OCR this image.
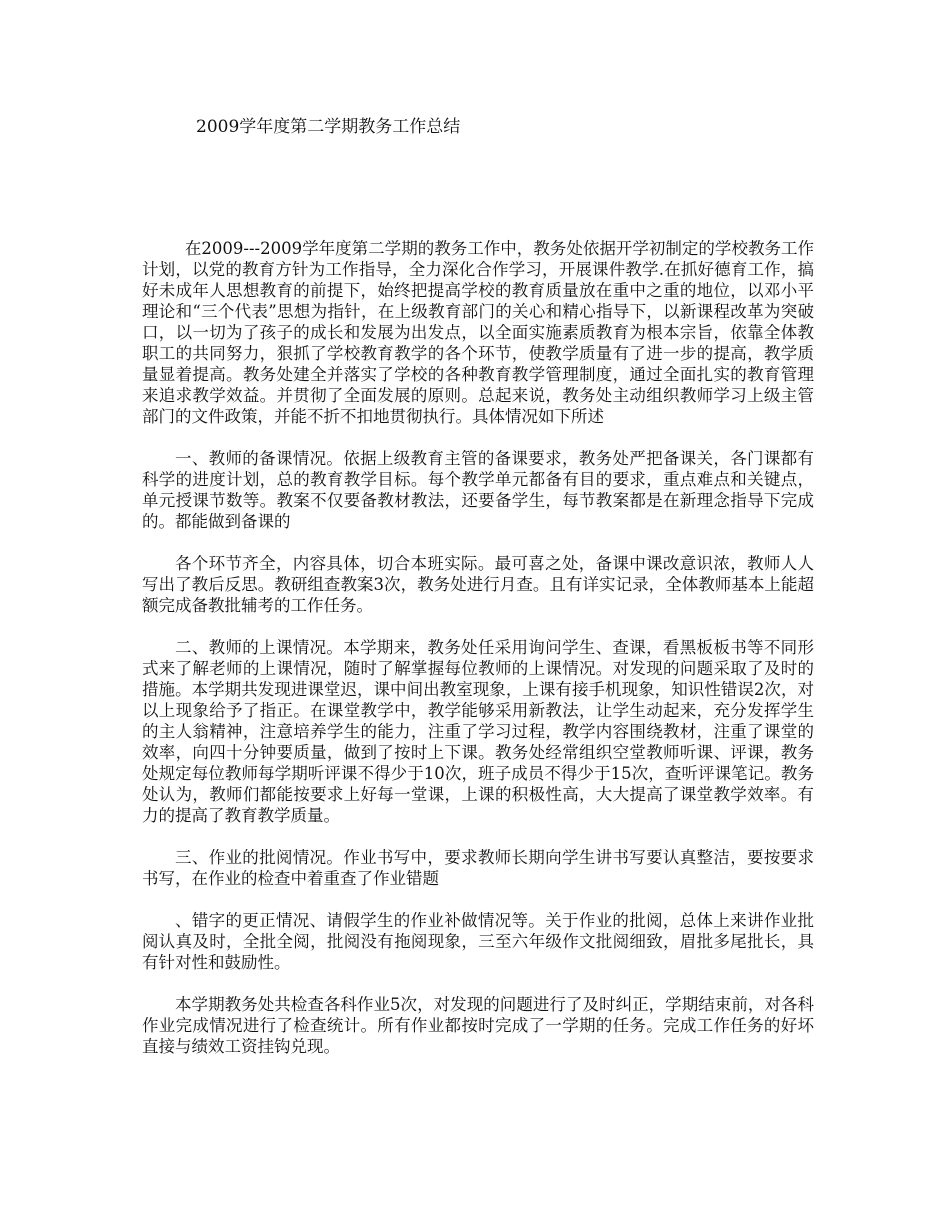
2009学年度第二学期教务工作总结

在2009---2009学年度第二学期的教务工作中，教务处依据开学初制定的学校教务工作计划，以党的教育方针为工作指导，全力深化合作学习，开展课件教学.在抓好德育工作，搞好未成年人思想教育的前提下，始终把提高学校的教育质量放在重中之重的地位，以邓小平理论和“三个代表”思想为指针，在上级教育部门的关心和精心指导下，以新课程改革为突破口，以一切为了孩子的成长和发展为出发点，以全面实施素质教育为根本宗旨，依靠全体教职工的共同努力，狠抓了学校教育教学的各个环节，使教学质量有了进一步的提高，教学质量显着提高。教务处建全并落实了学校的各种教育教学管理制度，通过全面扎实的教育管理来追求教学效益。并贯彻了全面发展的原则。总起来说，教务处主动组织教师学习上级主管部门的文件政策，并能不折不扣地贯彻执行。具体情况如下所述

一、教师的备课情况。依据上级教育主管的备课要求，教务处严把备课关，各门课都有科学的进度计划，总的教育教学目标。每个教学单元都备有目的要求，重点难点和关键点，单元授课节数等。教案不仅要备教材教法，还要备学生，每节教案都是在新理念指导下完成的。都能做到备课的

各个环节齐全，内容具体，切合本班实际。最可喜之处，备课中课改意识浓，教师人人写出了教后反思。教研组查教案3次，教务处进行月查。且有详实记录，全体教师基本上能超额完成备教批辅考的工作任务。

二、教师的上课情况。本学期来，教务处任采用询问学生、查课，看黑板板书等不同形式来了解老师的上课情况，随时了解掌握每位教师的上课情况。对发现的问题采取了及时的措施。本学期共发现进课堂迟，课中间出教室现象，上课有接手机现象，知识性错误2次，对以上现象给予了指正。在课堂教学中，教学能够采用新教法，让学生动起来，充分发挥学生的主人翁精神，注意培养学生的能力，注重了学习过程，教学内容围绕教材，注重了课堂的效率，向四十分钟要质量，做到了按时上下课。教务处经常组织空堂教师听课、评课，教务处规定每位教师每学期听评课不得少于10次，班子成员不得少于15次，查听评课笔记。教务处认为，教师们都能按要求上好每一堂课，上课的积极性高，大大提高了课堂教学效率。有力的提高了教育教学质量。

三、作业的批阅情况。作业书写中，要求教师长期向学生讲书写要认真整洁，要按要求书写，在作业的检查中着重查了作业错题

、错字的更正情况、请假学生的作业补做情况等。关于作业的批阅，总体上来讲作业批阅认真及时，全批全阅，批阅没有拖阅现象，三至六年级作文批阅细致，眉批多尾批长，具有针对性和鼓励性。

本学期教务处共检查各科作业5次，对发现的问题进行了及时纠正，学期结束前，对各科作业完成情况进行了检查统计。所有作业都按时完成了一学期的任务。完成工作任务的好坏直接与绩效工资挂钩兑现。
